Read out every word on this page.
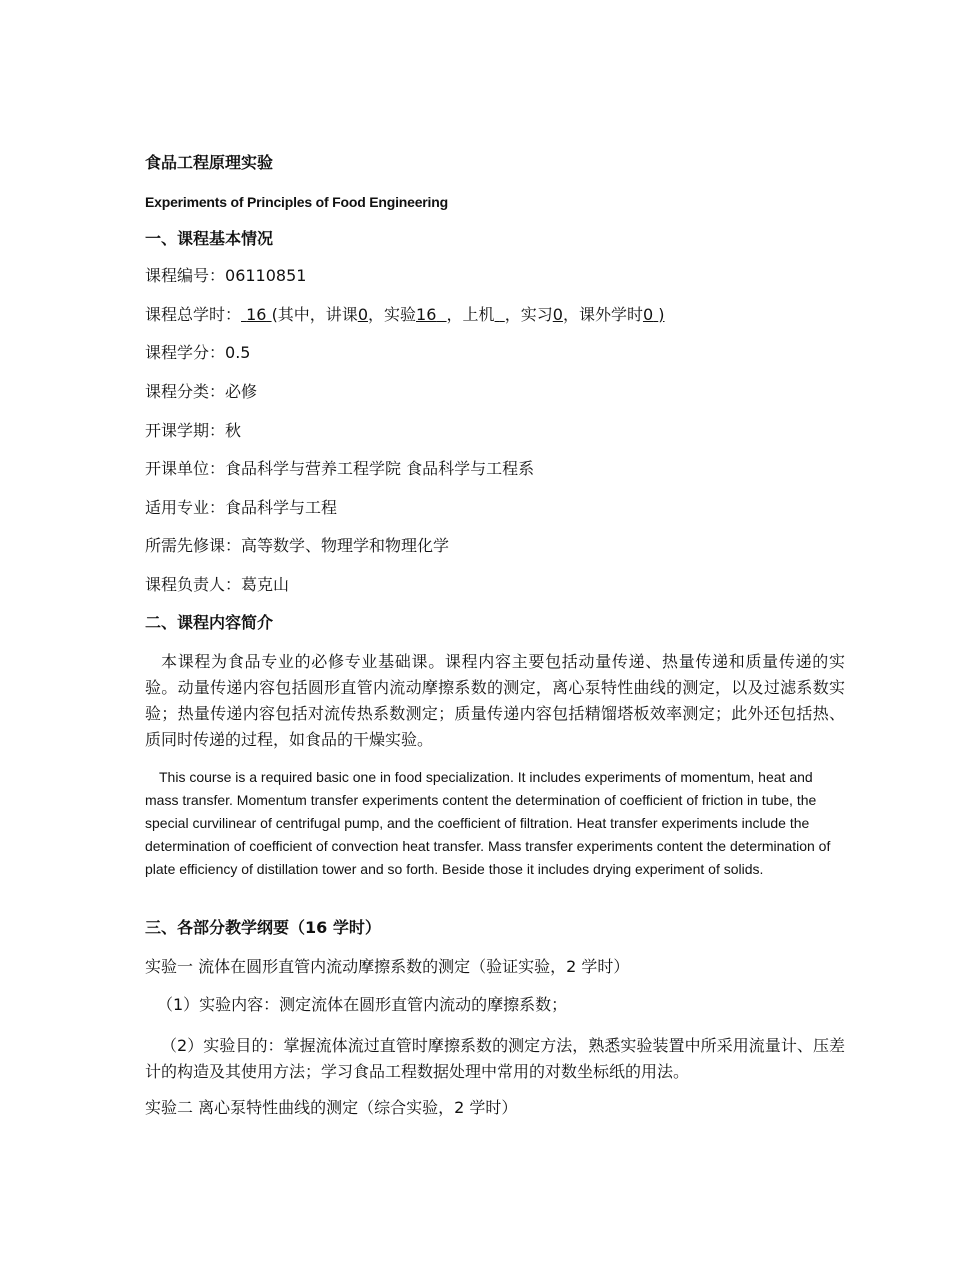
食品工程原理实验
Experiments of Principles of Food Engineering
一、课程基本情况
课程编号：06110851
课程总学时： 16 (其中，讲课0，实验16 ，上机 ，实习0，课外学时0 )
课程学分：0.5
课程分类：必修
开课学期：秋
开课单位：食品科学与营养工程学院 食品科学与工程系
适用专业：食品科学与工程
所需先修课：高等数学、物理学和物理化学
课程负责人：葛克山
二、课程内容简介
本课程为食品专业的必修专业基础课。课程内容主要包括动量传递、热量传递和质量传递的实验。动量传递内容包括圆形直管内流动摩擦系数的测定，离心泵特性曲线的测定，以及过滤系数实验；热量传递内容包括对流传热系数测定；质量传递内容包括精馏塔板效率测定；此外还包括热、质同时传递的过程，如食品的干燥实验。
This course is a required basic one in food specialization. It includes experiments of momentum, heat and mass transfer. Momentum transfer experiments content the determination of coefficient of friction in tube, the special curvilinear of centrifugal pump, and the coefficient of filtration. Heat transfer experiments include the determination of coefficient of convection heat transfer. Mass transfer experiments content the determination of plate efficiency of distillation tower and so forth. Beside those it includes drying experiment of solids.
三、各部分教学纲要（16 学时）
实验一 流体在圆形直管内流动摩擦系数的测定（验证实验，2 学时）
（1）实验内容：测定流体在圆形直管内流动的摩擦系数；
（2）实验目的：掌握流体流过直管时摩擦系数的测定方法，熟悉实验装置中所采用流量计、压差计的构造及其使用方法；学习食品工程数据处理中常用的对数坐标纸的用法。
实验二 离心泵特性曲线的测定（综合实验，2 学时）
